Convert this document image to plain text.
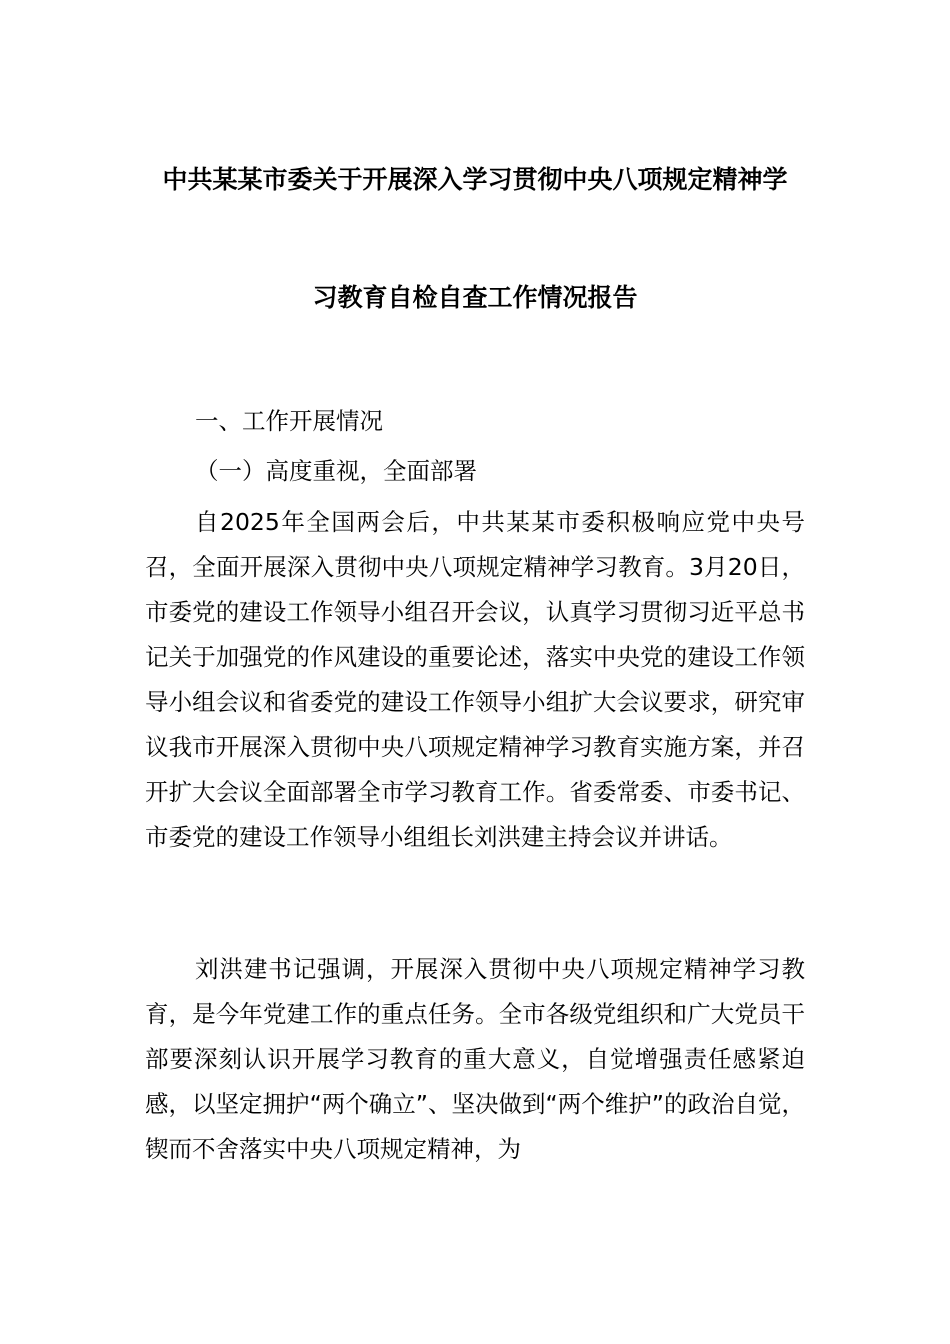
中共某某市委关于开展深入学习贯彻中央八项规定精神学
习教育自检自查工作情况报告
一、工作开展情况
（一）高度重视，全面部署

自2025年全国两会后，中共某某市委积极响应党中央号召，全面开展深入贯彻中央八项规定精神学习教育。3月20日，市委党的建设工作领导小组召开会议，认真学习贯彻习近平总书记关于加强党的作风建设的重要论述，落实中央党的建设工作领导小组会议和省委党的建设工作领导小组扩大会议要求，研究审议我市开展深入贯彻中央八项规定精神学习教育实施方案，并召开扩大会议全面部署全市学习教育工作。省委常委、市委书记、市委党的建设工作领导小组组长刘洪建主持会议并讲话。

刘洪建书记强调，开展深入贯彻中央八项规定精神学习教育，是今年党建工作的重点任务。全市各级党组织和广大党员干部要深刻认识开展学习教育的重大意义，自觉增强责任感紧迫感，以坚定拥护“两个确立”、坚决做到“两个维护”的政治自觉，锲而不舍落实中央八项规定精神，为
